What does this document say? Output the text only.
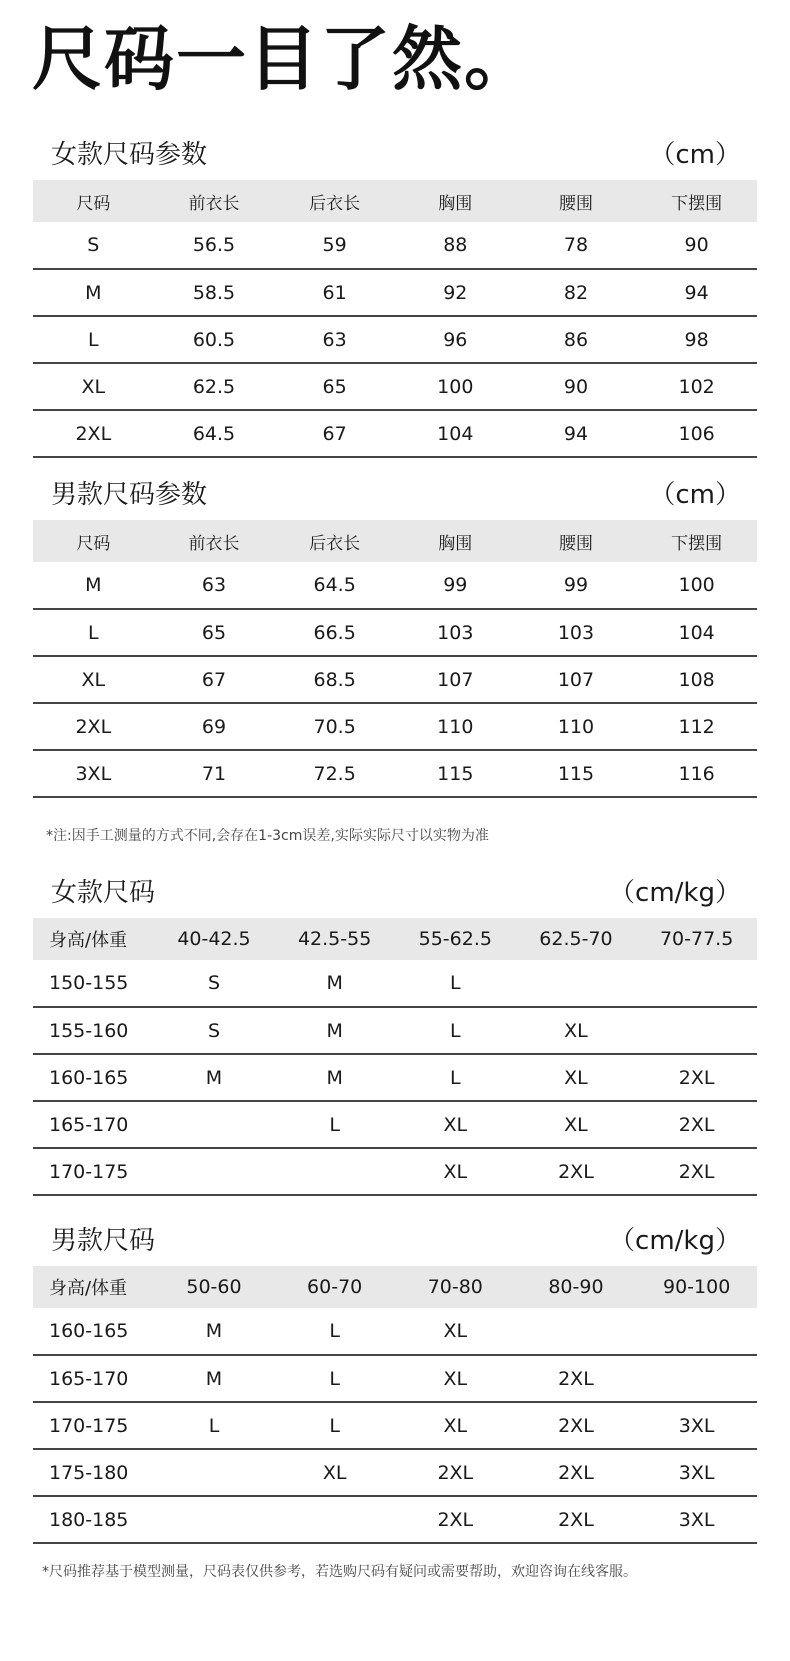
尺码一目了然。
女款尺码参数	（cm）
尺码	前衣长	后衣长	胸围	腰围	下摆围
S	56.5	59	88	78	90
M	58.5	61	92	82	94
L	60.5	63	96	86	98
XL	62.5	65	100	90	102
2XL	64.5	67	104	94	106
男款尺码参数	（cm）
尺码	前衣长	后衣长	胸围	腰围	下摆围
M	63	64.5	99	99	100
L	65	66.5	103	103	104
XL	67	68.5	107	107	108
2XL	69	70.5	110	110	112
3XL	71	72.5	115	115	116
*注:因手工测量的方式不同,会存在1-3cm误差,实际实际尺寸以实物为准
女款尺码	（cm/kg）
身高/体重	40-42.5	42.5-55	55-62.5	62.5-70	70-77.5
150-155	S	M	L		
155-160	S	M	L	XL	
160-165	M	M	L	XL	2XL
165-170		L	XL	XL	2XL
170-175			XL	2XL	2XL
男款尺码	（cm/kg）
身高/体重	50-60	60-70	70-80	80-90	90-100
160-165	M	L	XL		
165-170	M	L	XL	2XL	
170-175	L	L	XL	2XL	3XL
175-180		XL	2XL	2XL	3XL
180-185			2XL	2XL	3XL
*尺码推荐基于模型测量，尺码表仅供参考，若选购尺码有疑问或需要帮助，欢迎咨询在线客服。
